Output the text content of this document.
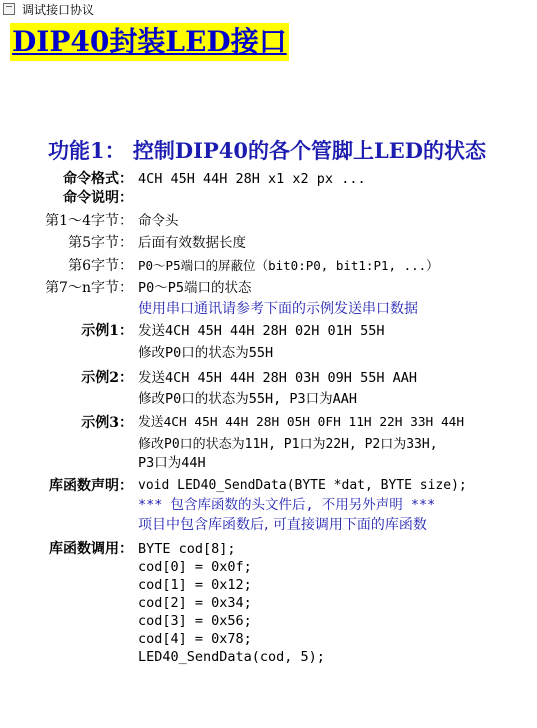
调试接口协议
DIP40封装LED接口
功能1： 控制DIP40的各个管脚上LED的状态
命令格式： 4CH 45H 44H 28H x1 x2 px ...
命令说明：
第1～4字节： 命令头
第5字节： 后面有效数据长度
第6字节： P0～P5端口的屏蔽位（bit0:P0, bit1:P1, ...）
第7～n字节： P0～P5端口的状态
使用串口通讯请参考下面的示例发送串口数据
示例1： 发送4CH 45H 44H 28H 02H 01H 55H
修改P0口的状态为55H
示例2： 发送4CH 45H 44H 28H 03H 09H 55H AAH
修改P0口的状态为55H, P3口为AAH
示例3： 发送4CH 45H 44H 28H 05H 0FH 11H 22H 33H 44H
修改P0口的状态为11H, P1口为22H, P2口为33H,
P3口为44H
库函数声明： void LED40_SendData(BYTE *dat, BYTE size);
*** 包含库函数的头文件后, 不用另外声明 ***
项目中包含库函数后, 可直接调用下面的库函数
库函数调用： BYTE cod[8];
cod[0] = 0x0f;
cod[1] = 0x12;
cod[2] = 0x34;
cod[3] = 0x56;
cod[4] = 0x78;
LED40_SendData(cod, 5);
